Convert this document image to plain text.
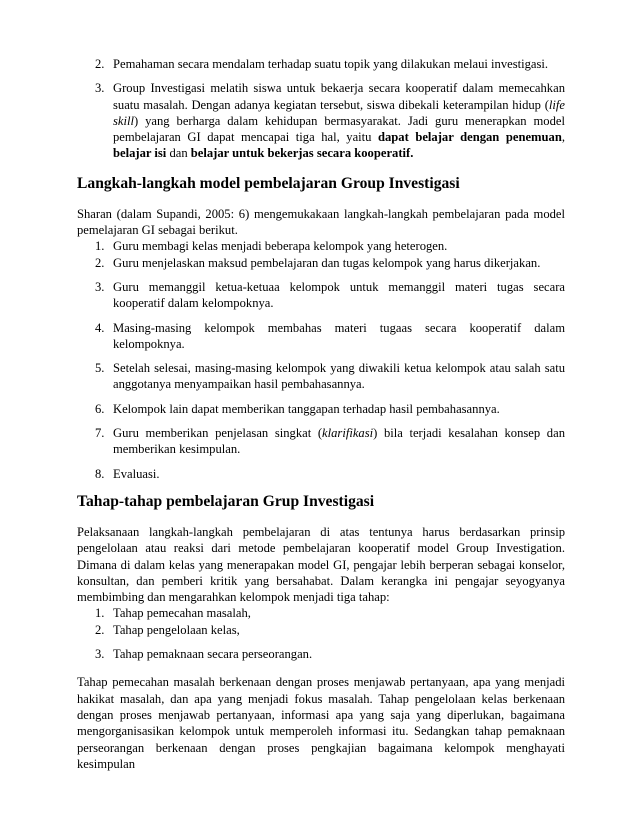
2. Pemahaman secara mendalam terhadap suatu topik yang dilakukan melaui investigasi.
3. Group Investigasi melatih siswa untuk bekaerja secara kooperatif dalam memecahkan suatu masalah. Dengan adanya kegiatan tersebut, siswa dibekali keterampilan hidup (life skill) yang berharga dalam kehidupan bermasyarakat. Jadi guru menerapkan model pembelajaran GI dapat mencapai tiga hal, yaitu dapat belajar dengan penemuan, belajar isi dan belajar untuk bekerjas secara kooperatif.
Langkah-langkah model pembelajaran Group Investigasi

Sharan (dalam Supandi, 2005: 6) mengemukakaan langkah-langkah pembelajaran pada model pemelajaran GI sebagai berikut.

1. Guru membagi kelas menjadi beberapa kelompok yang heterogen.
2. Guru menjelaskan maksud pembelajaran dan tugas kelompok yang harus dikerjakan.
3. Guru memanggil ketua-ketuaa kelompok untuk memanggil materi tugas secara kooperatif dalam kelompoknya.
4. Masing-masing kelompok membahas materi tugaas secara kooperatif dalam kelompoknya.
5. Setelah selesai, masing-masing kelompok yang diwakili ketua kelompok atau salah satu anggotanya menyampaikan hasil pembahasannya.
6. Kelompok lain dapat memberikan tanggapan terhadap hasil pembahasannya.
7. Guru memberikan penjelasan singkat (klarifikasi) bila terjadi kesalahan konsep dan memberikan kesimpulan.
8. Evaluasi.
Tahap-tahap pembelajaran Grup Investigasi

Pelaksanaan langkah-langkah pembelajaran di atas tentunya harus berdasarkan prinsip pengelolaan atau reaksi dari metode pembelajaran kooperatif model Group Investigation. Dimana di dalam kelas yang menerapakan model GI, pengajar lebih berperan sebagai konselor, konsultan, dan pemberi kritik yang bersahabat. Dalam kerangka ini pengajar seyogyanya membimbing dan mengarahkan kelompok menjadi tiga tahap:

1. Tahap pemecahan masalah,
2. Tahap pengelolaan kelas,
3. Tahap pemaknaan secara perseorangan.

Tahap pemecahan masalah berkenaan dengan proses menjawab pertanyaan, apa yang menjadi hakikat masalah, dan apa yang menjadi fokus masalah. Tahap pengelolaan kelas berkenaan dengan proses menjawab pertanyaan, informasi apa yang saja yang diperlukan, bagaimana mengorganisasikan kelompok untuk memperoleh informasi itu. Sedangkan tahap pemaknaan perseorangan berkenaan dengan proses pengkajian bagaimana kelompok menghayati kesimpulan
